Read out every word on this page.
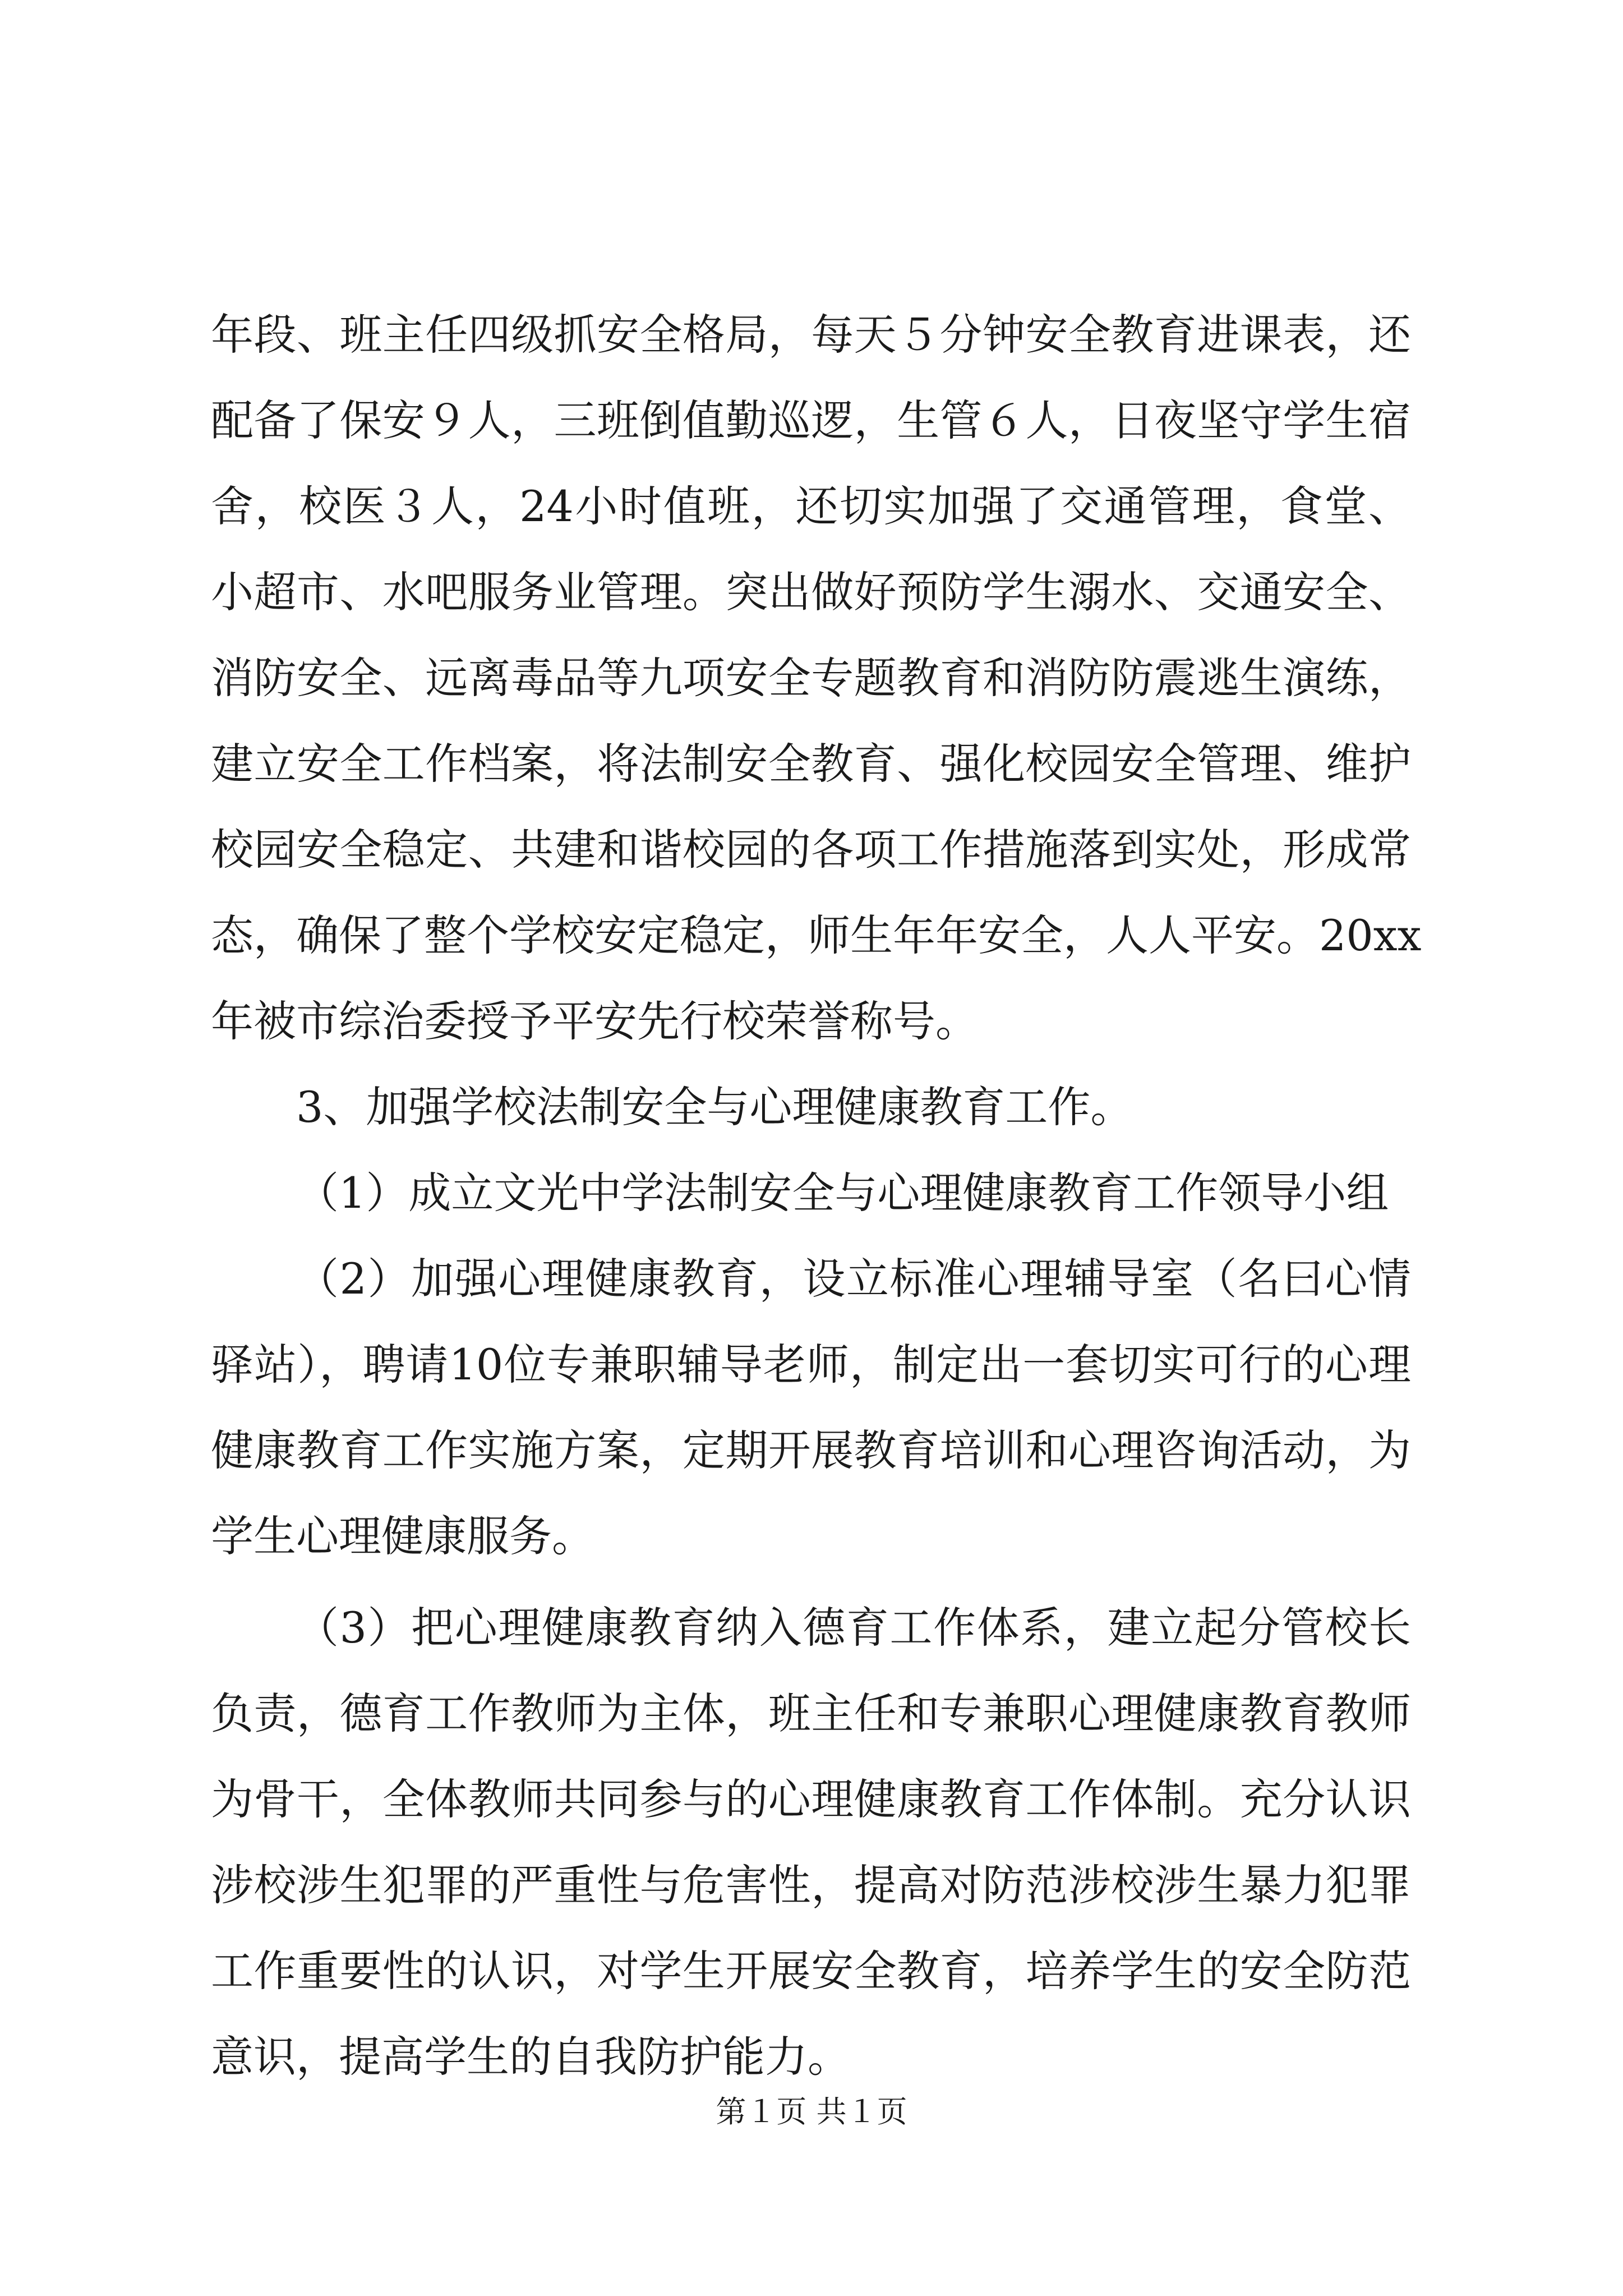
年段、班主任四级抓安全格局，每天５分钟安全教育进课表，还
配备了保安９人，三班倒值勤巡逻，生管６人，日夜坚守学生宿
舍，校医３人，24小时值班，还切实加强了交通管理，食堂、
小超市、水吧服务业管理。突出做好预防学生溺水、交通安全、
消防安全、远离毒品等九项安全专题教育和消防防震逃生演练，
建立安全工作档案，将法制安全教育、强化校园安全管理、维护
校园安全稳定、共建和谐校园的各项工作措施落到实处，形成常
态，确保了整个学校安定稳定，师生年年安全，人人平安。20xx
年被市综治委授予平安先行校荣誉称号。
3、加强学校法制安全与心理健康教育工作。
（1）成立文光中学法制安全与心理健康教育工作领导小组
（2）加强心理健康教育，设立标准心理辅导室（名曰心情
驿站），聘请10位专兼职辅导老师，制定出一套切实可行的心理
健康教育工作实施方案，定期开展教育培训和心理咨询活动，为
学生心理健康服务。
（3）把心理健康教育纳入德育工作体系，建立起分管校长
负责，德育工作教师为主体，班主任和专兼职心理健康教育教师
为骨干，全体教师共同参与的心理健康教育工作体制。充分认识
涉校涉生犯罪的严重性与危害性，提高对防范涉校涉生暴力犯罪
工作重要性的认识，对学生开展安全教育，培养学生的安全防范
意识，提高学生的自我防护能力。
第１页 共１页
